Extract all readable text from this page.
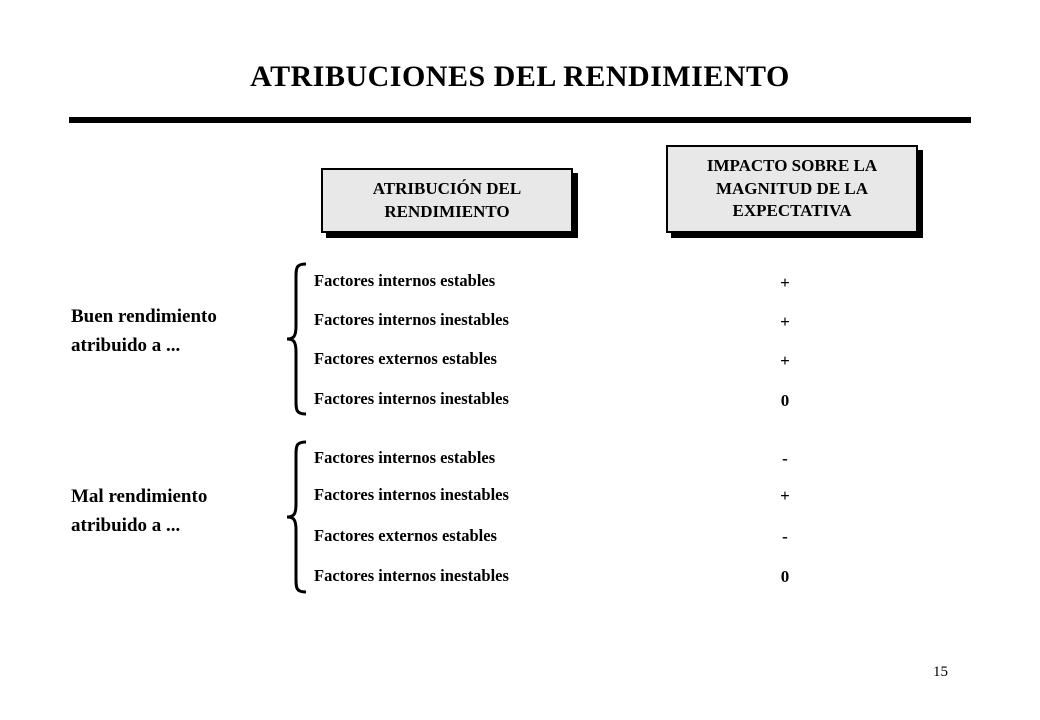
ATRIBUCIONES DEL RENDIMIENTO
ATRIBUCIÓN DEL
RENDIMIENTO
IMPACTO SOBRE LA
MAGNITUD DE LA
EXPECTATIVA
Buen rendimiento
atribuido a ...
Factores internos estables
Factores internos inestables
Factores externos estables
Factores internos inestables
+
+
+
0
Mal rendimiento
atribuido a ...
Factores internos estables
Factores internos inestables
Factores externos estables
Factores internos inestables
-
+
-
0
15
